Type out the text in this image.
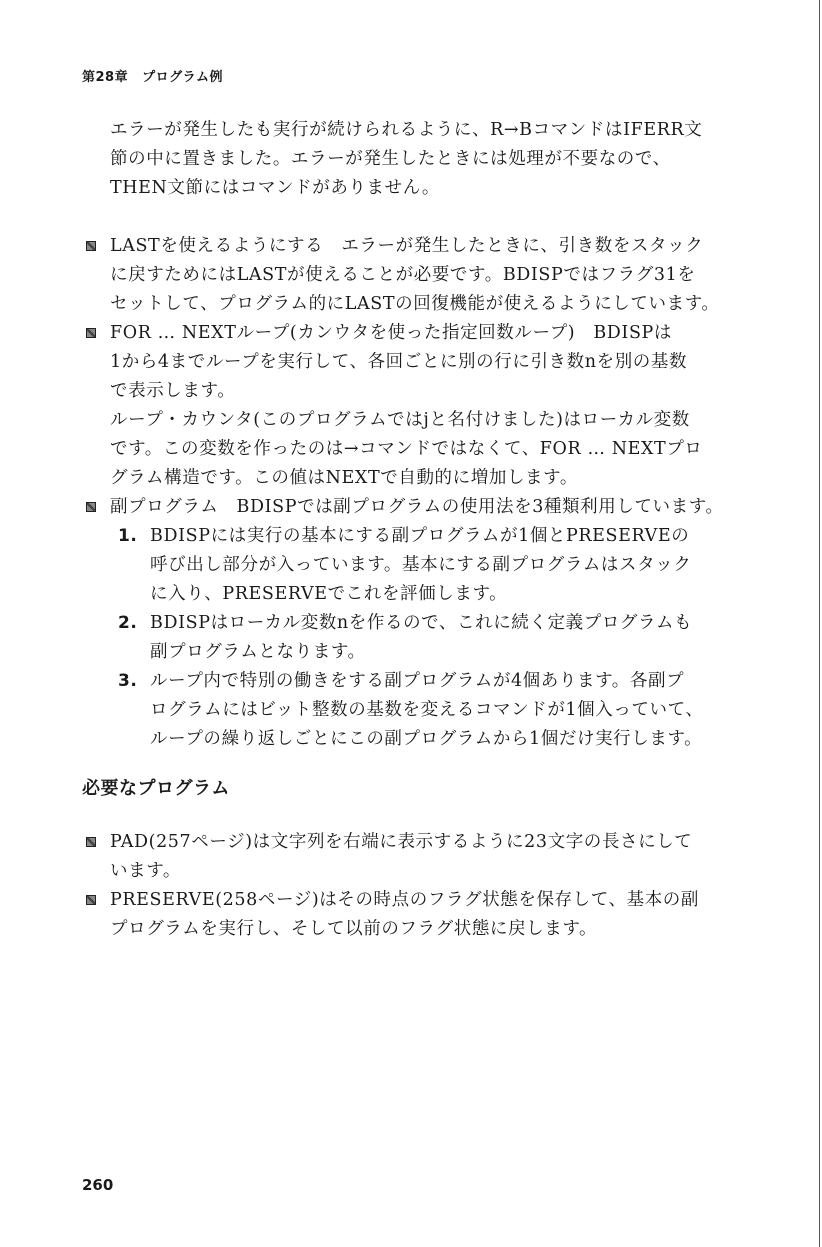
第28章 プログラム例
エラーが発生したも実行が続けられるように、R→BコマンドはIFERR文
節の中に置きました。エラーが発生したときには処理が不要なので、
THEN文節にはコマンドがありません。
LASTを使えるようにする　エラーが発生したときに、引き数をスタック
に戻すためにはLASTが使えることが必要です。BDISPではフラグ31を
セットして、プログラム的にLASTの回復機能が使えるようにしています。
FOR … NEXTループ(カンウタを使った指定回数ループ)　BDISPは
1から4までループを実行して、各回ごとに別の行に引き数nを別の基数
で表示します。
ループ・カウンタ(このプログラムではjと名付けました)はローカル変数
です。この変数を作ったのは→コマンドではなくて、FOR … NEXTプロ
グラム構造です。この値はNEXTで自動的に増加します。
副プログラム　BDISPでは副プログラムの使用法を3種類利用しています。
1. BDISPには実行の基本にする副プログラムが1個とPRESERVEの
呼び出し部分が入っています。基本にする副プログラムはスタック
に入り、PRESERVEでこれを評価します。
2. BDISPはローカル変数nを作るので、これに続く定義プログラムも
副プログラムとなります。
3. ループ内で特別の働きをする副プログラムが4個あります。各副プ
ログラムにはビット整数の基数を変えるコマンドが1個入っていて、
ループの繰り返しごとにこの副プログラムから1個だけ実行します。
必要なプログラム
PAD(257ページ)は文字列を右端に表示するように23文字の長さにして
います。
PRESERVE(258ページ)はその時点のフラグ状態を保存して、基本の副
プログラムを実行し、そして以前のフラグ状態に戻します。
260
